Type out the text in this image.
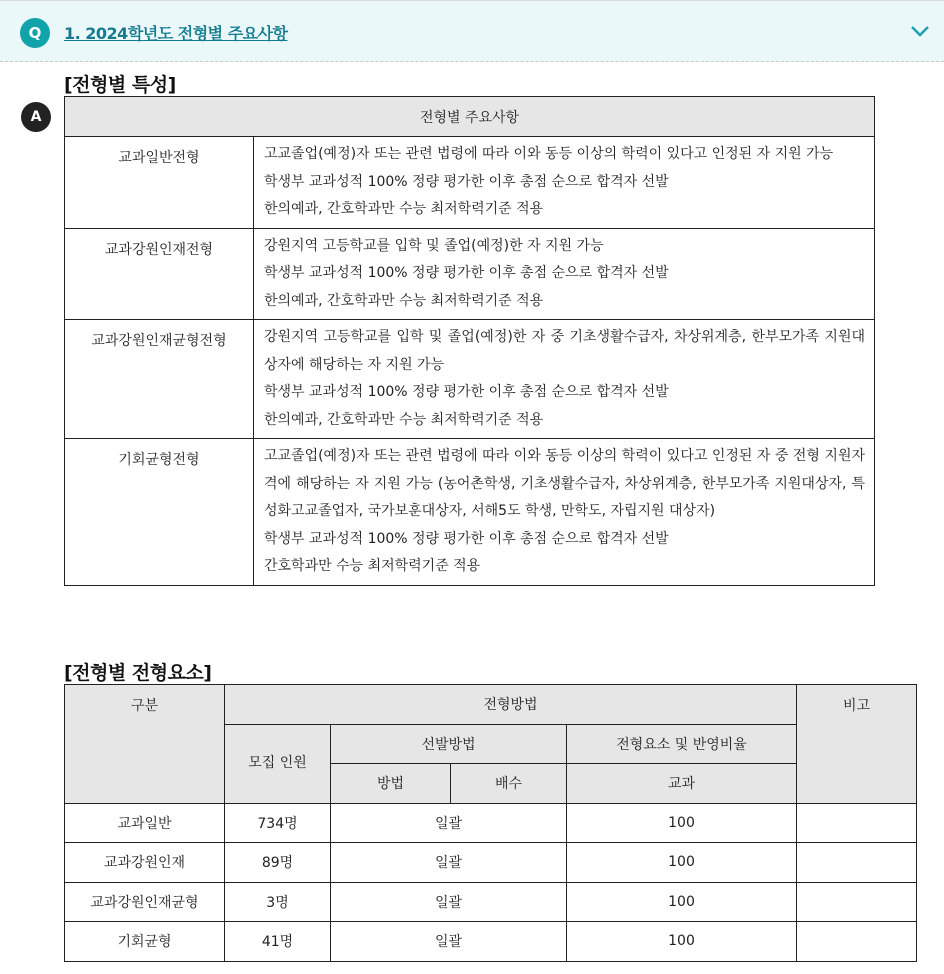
Q	1. 2024학년도 전형별 주요사항
A
[전형별 특성]
전형별 주요사항	
교과일반전형	고교졸업(예정)자 또는 관련 법령에 따라 이와 동등 이상의 학력이 있다고 인정된 자 지원 가능
학생부 교과성적 100% 정량 평가한 이후 총점 순으로 합격자 선발
한의예과, 간호학과만 수능 최저학력기준 적용

교과강원인재전형	강원지역 고등학교를 입학 및 졸업(예정)한 자 지원 가능
학생부 교과성적 100% 정량 평가한 이후 총점 순으로 합격자 선발
한의예과, 간호학과만 수능 최저학력기준 적용

교과강원인재균형전형	강원지역 고등학교를 입학 및 졸업(예정)한 자 중 기초생활수급자, 차상위계층, 한부모가족 지원대상자에 해당하는 자 지원 가능
학생부 교과성적 100% 정량 평가한 이후 총점 순으로 합격자 선발
한의예과, 간호학과만 수능 최저학력기준 적용

기회균형전형	고교졸업(예정)자 또는 관련 법령에 따라 이와 동등 이상의 학력이 있다고 인정된 자 중 전형 지원자격에 해당하는 자 지원 가능 (농어촌학생, 기초생활수급자, 차상위계층, 한부모가족 지원대상자, 특성화고교졸업자, 국가보훈대상자, 서해5도 학생, 만학도, 자립지원 대상자)
학생부 교과성적 100% 정량 평가한 이후 총점 순으로 합격자 선발
간호학과만 수능 최저학력기준 적용
[전형별 전형요소]
구분	전형방법				비고
	모집 인원	선발방법		전형요소 및 반영비율	
		방법	배수	교과	
교과일반	734명	일괄		100	
교과강원인재	89명	일괄		100	
교과강원인재균형	3명	일괄		100	
기회균형	41명	일괄		100	
